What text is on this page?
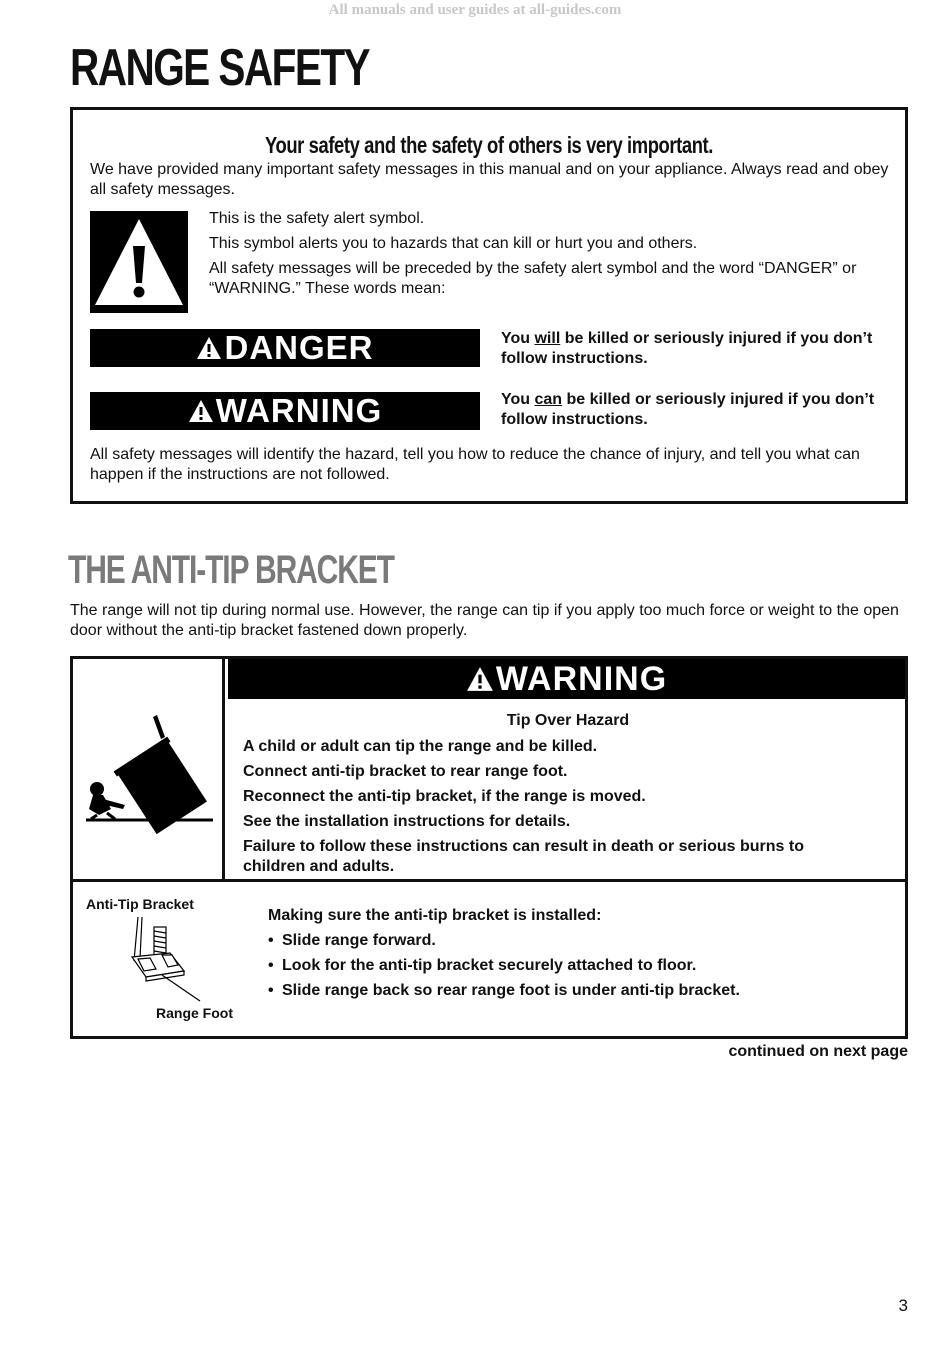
All manuals and user guides at all-guides.com
RANGE SAFETY
Your safety and the safety of others is very important.
We have provided many important safety messages in this manual and on your appliance. Always read and obey all safety messages.

This is the safety alert symbol.

This symbol alerts you to hazards that can kill or hurt you and others.

All safety messages will be preceded by the safety alert symbol and the word “DANGER” or “WARNING.” These words mean:

DANGER	You will be killed or seriously injured if you don’t follow instructions.
WARNING	You can be killed or seriously injured if you don’t follow instructions.
All safety messages will identify the hazard, tell you how to reduce the chance of injury, and tell you what can happen if the instructions are not followed.
THE ANTI-TIP BRACKET
The range will not tip during normal use. However, the range can tip if you apply too much force or weight to the open door without the anti-tip bracket fastened down properly.
WARNING
Tip Over Hazard
A child or adult can tip the range and be killed.
Connect anti-tip bracket to rear range foot.
Reconnect the anti-tip bracket, if the range is moved.
See the installation instructions for details.
Failure to follow these instructions can result in death or serious burns to children and adults.
Anti-Tip Bracket
Range Foot
Making sure the anti-tip bracket is installed:
• Slide range forward.
• Look for the anti-tip bracket securely attached to floor.
• Slide range back so rear range foot is under anti-tip bracket.
continued on next page
3
